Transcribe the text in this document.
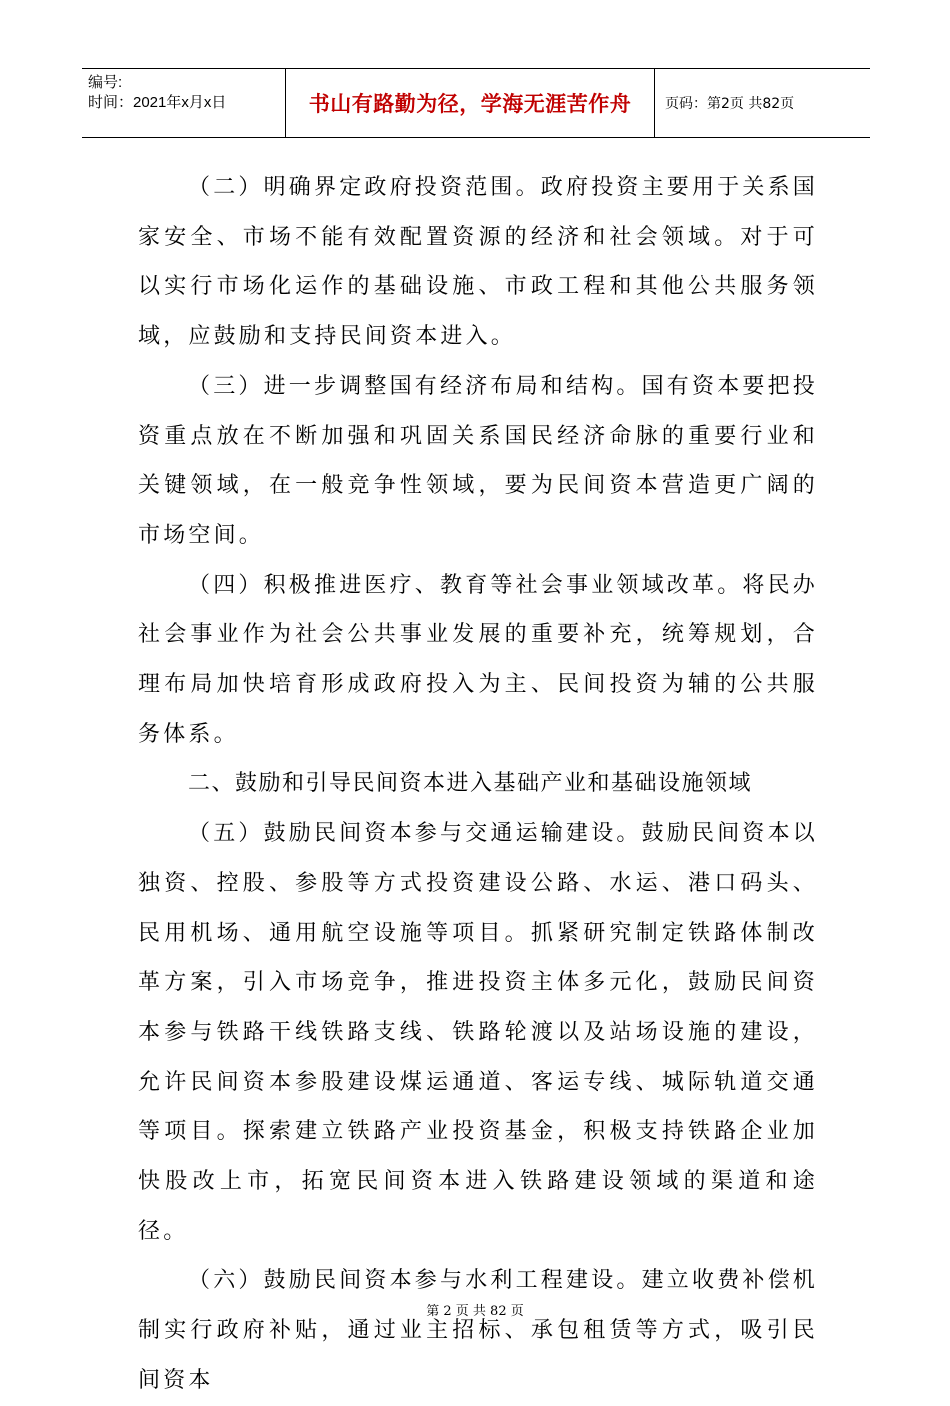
编号:
时间：2021年x月x日	书山有路勤为径，学海无涯苦作舟	页码：第2页 共82页

（二）明确界定政府投资范围。政府投资主要用于关系国家安全、市场不能有效配置资源的经济和社会领域。对于可以实行市场化运作的基础设施、市政工程和其他公共服务领域，应鼓励和支持民间资本进入。

（三）进一步调整国有经济布局和结构。国有资本要把投资重点放在不断加强和巩固关系国民经济命脉的重要行业和关键领域，在一般竞争性领域，要为民间资本营造更广阔的市场空间。

（四）积极推进医疗、教育等社会事业领域改革。将民办社会事业作为社会公共事业发展的重要补充，统筹规划，合理布局加快培育形成政府投入为主、民间投资为辅的公共服务体系。

二、鼓励和引导民间资本进入基础产业和基础设施领域

（五）鼓励民间资本参与交通运输建设。鼓励民间资本以独资、控股、参股等方式投资建设公路、水运、港口码头、民用机场、通用航空设施等项目。抓紧研究制定铁路体制改革方案，引入市场竞争，推进投资主体多元化，鼓励民间资本参与铁路干线铁路支线、铁路轮渡以及站场设施的建设，允许民间资本参股建设煤运通道、客运专线、城际轨道交通等项目。探索建立铁路产业投资基金，积极支持铁路企业加快股改上市，拓宽民间资本进入铁路建设领域的渠道和途径。

（六）鼓励民间资本参与水利工程建设。建立收费补偿机制实行政府补贴，通过业主招标、承包租赁等方式，吸引民间资本

第 2 页 共 82 页
